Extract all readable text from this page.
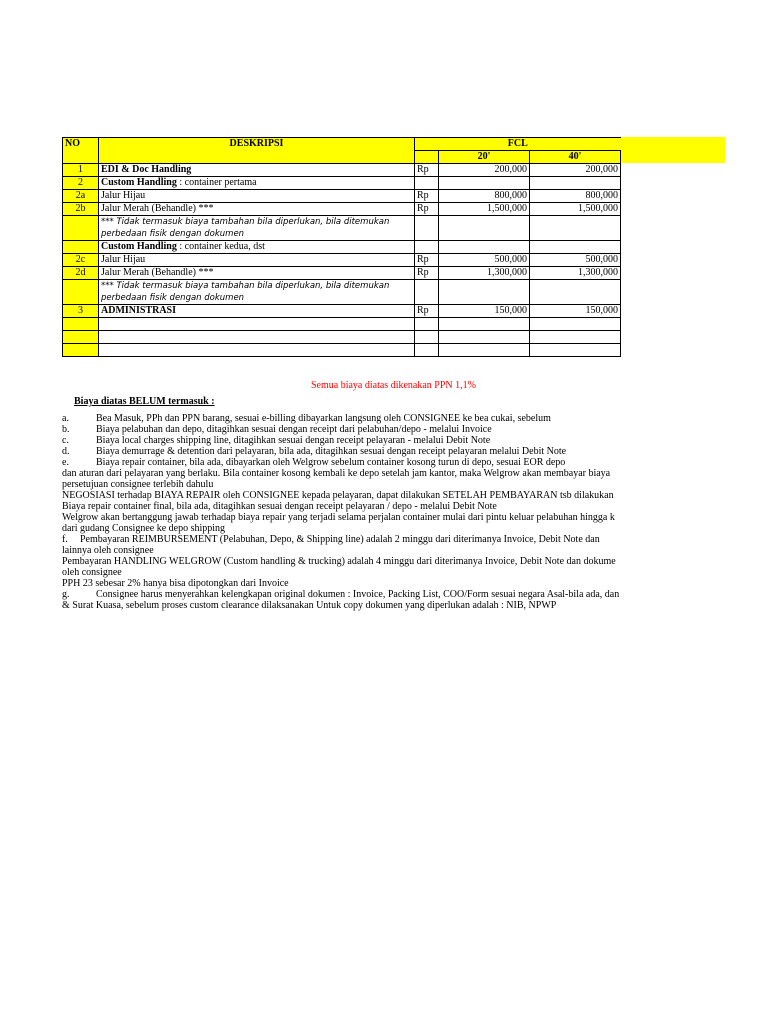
NO	DESKRIPSI	FCL		
			20'	40'
1	EDI & Doc Handling	Rp	200,000	200,000
2	Custom Handling : container pertama			
2a	Jalur Hijau	Rp	800,000	800,000
2b	Jalur Merah (Behandle) ***	Rp	1,500,000	1,500,000
	*** Tidak termasuk biaya tambahan bila diperlukan, bila ditemukan perbedaan fisik dengan dokumen			
	Custom Handling : container kedua, dst			
2c	Jalur Hijau	Rp	500,000	500,000
2d	Jalur Merah (Behandle) ***	Rp	1,300,000	1,300,000
	*** Tidak termasuk biaya tambahan bila diperlukan, bila ditemukan perbedaan fisik dengan dokumen			
3	ADMINISTRASI	Rp	150,000	150,000

Semua biaya diatas dikenakan PPN 1,1%
Biaya diatas BELUM termasuk :
a.	Bea Masuk, PPh dan PPN barang, sesuai e-billing dibayarkan langsung oleh CONSIGNEE ke bea cukai, sebelum
b.	Biaya pelabuhan dan depo, ditagihkan sesuai dengan receipt dari pelabuhan/depo - melalui Invoice
c.	Biaya local charges shipping line, ditagihkan sesuai dengan receipt pelayaran - melalui Debit Note
d.	Biaya demurrage & detention dari pelayaran, bila ada, ditagihkan sesuai dengan receipt pelayaran melalui Debit Note
e.	Biaya repair container, bila ada, dibayarkan oleh Welgrow sebelum container kosong turun di depo, sesuai EOR depo
dan aturan dari pelayaran yang berlaku. Bila container kosong kembali ke depo setelah jam kantor, maka Welgrow akan membayar biaya
persetujuan consignee terlebih dahulu
NEGOSIASI terhadap BIAYA REPAIR oleh CONSIGNEE kepada pelayaran, dapat dilakukan SETELAH PEMBAYARAN tsb dilakukan
Biaya repair container final, bila ada, ditagihkan sesuai dengan receipt pelayaran / depo - melalui Debit Note
Welgrow akan bertanggung jawab terhadap biaya repair yang terjadi selama perjalan container mulai dari pintu keluar pelabuhan hingga k
dari gudang Consignee ke depo shipping
f. Pembayaran REIMBURSEMENT (Pelabuhan, Depo, & Shipping line) adalah 2 minggu dari diterimanya Invoice, Debit Note dan
lainnya oleh consignee
Pembayaran HANDLING WELGROW (Custom handling & trucking) adalah 4 minggu dari diterimanya Invoice, Debit Note dan dokume
oleh consignee
PPH 23 sebesar 2% hanya bisa dipotongkan dari Invoice
g.	Consignee harus menyerahkan kelengkapan original dokumen : Invoice, Packing List, COO/Form sesuai negara Asal-bila ada, dan
& Surat Kuasa, sebelum proses custom clearance dilaksanakan Untuk copy dokumen yang diperlukan adalah : NIB, NPWP
